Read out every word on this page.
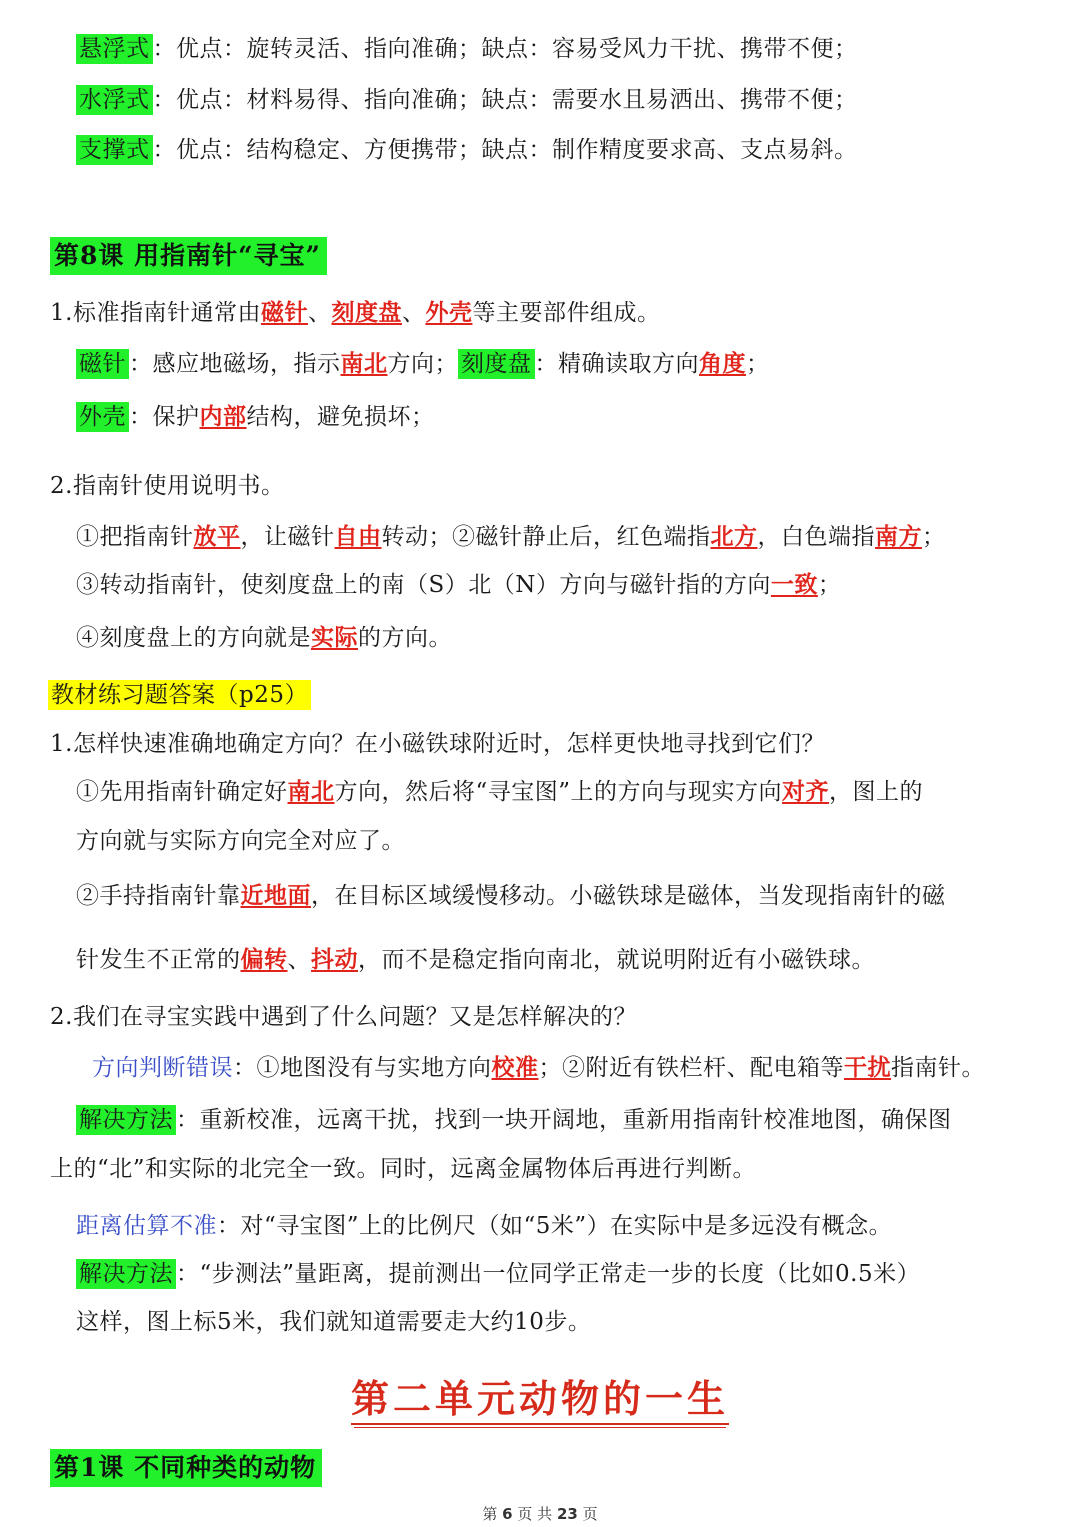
悬浮式 ：优点：旋转灵活、指向准确；缺点：容易受风力干扰、携带不便；
水浮式 ：优点：材料易得、指向准确；缺点：需要水且易洒出、携带不便；
支撑式 ：优点：结构稳定、方便携带；缺点：制作精度要求高、支点易斜。
第8课 用指南针“寻宝”
1.标准指南针通常由磁针、刻度盘、外壳等主要部件组成。
磁针 ：感应地磁场，指示南北方向； 刻度盘 ：精确读取方向角度；
外壳 ：保护内部结构，避免损坏；
2.指南针使用说明书。
①把指南针放平，让磁针自由转动；②磁针静止后，红色端指北方，白色端指南方；
③转动指南针，使刻度盘上的南（S）北（N）方向与磁针指的方向一致；
④刻度盘上的方向就是实际的方向。
教材练习题答案（p25）
1.怎样快速准确地确定方向？在小磁铁球附近时，怎样更快地寻找到它们？
①先用指南针确定好南北方向，然后将“寻宝图”上的方向与现实方向对齐，图上的
方向就与实际方向完全对应了。
②手持指南针靠近地面，在目标区域缓慢移动。小磁铁球是磁体，当发现指南针的磁
针发生不正常的偏转、抖动，而不是稳定指向南北，就说明附近有小磁铁球。
2.我们在寻宝实践中遇到了什么问题？又是怎样解决的？
方向判断错误：①地图没有与实地方向校准；②附近有铁栏杆、配电箱等干扰指南针。
解决方法 ：重新校准，远离干扰，找到一块开阔地，重新用指南针校准地图，确保图
上的“北”和实际的北完全一致。同时，远离金属物体后再进行判断。
距离估算不准：对“寻宝图”上的比例尺（如“5米”）在实际中是多远没有概念。
解决方法 ：“步测法”量距离，提前测出一位同学正常走一步的长度（比如0.5米）
这样，图上标5米，我们就知道需要走大约10步。
第二单元动物的一生
第1课 不同种类的动物
第 6 页 共 23 页
